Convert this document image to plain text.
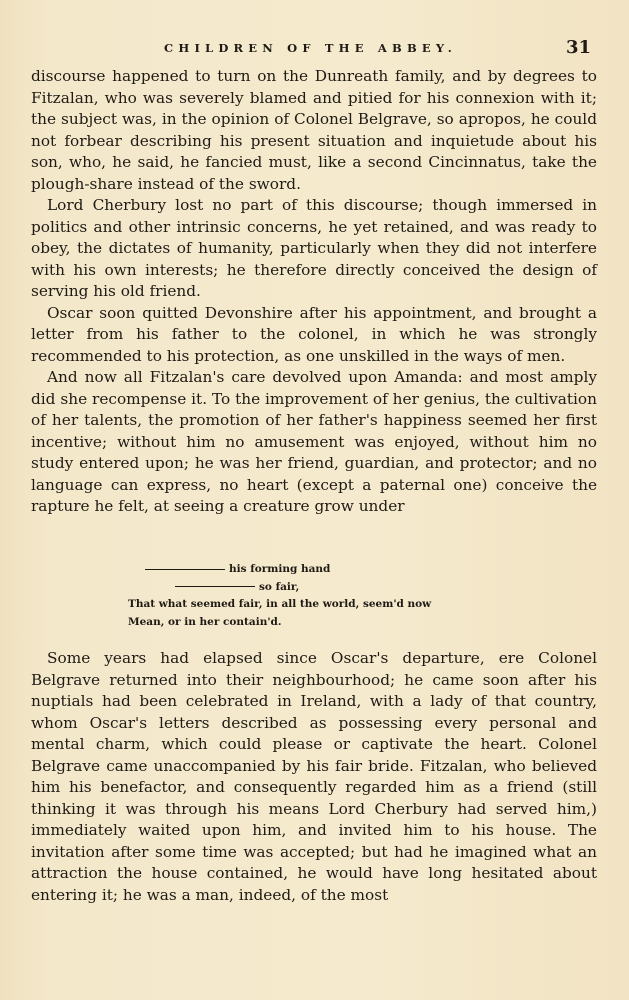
CHILDREN OF THE ABBEY.	31

discourse happened to turn on the Dunreath family, and by degrees to Fitzalan, who was severely blamed and pitied for his connexion with it; the subject was, in the opinion of Colonel Belgrave, so apropos, he could not forbear describing his present situation and inquietude about his son, who, he said, he fancied must, like a second Cincinnatus, take the plough-share instead of the sword.

Lord Cherbury lost no part of this discourse; though immersed in politics and other intrinsic concerns, he yet retained, and was ready to obey, the dictates of humanity, particularly when they did not interfere with his own interests; he therefore directly conceived the design of serving his old friend.

Oscar soon quitted Devonshire after his appointment, and brought a letter from his father to the colonel, in which he was strongly recommended to his protection, as one unskilled in the ways of men.

And now all Fitzalan's care devolved upon Amanda: and most amply did she recompense it. To the improvement of her genius, the cultivation of her talents, the promotion of her father's happiness seemed her first incentive; without him no amusement was enjoyed, without him no study entered upon; he was her friend, guardian, and protector; and no language can express, no heart (except a paternal one) conceive the rapture he felt, at seeing a creature grow under

his forming hand
so fair,
That what seemed fair, in all the world, seem'd now
Mean, or in her contain'd.

Some years had elapsed since Oscar's departure, ere Colonel Belgrave returned into their neighbourhood; he came soon after his nuptials had been celebrated in Ireland, with a lady of that country, whom Oscar's letters described as possessing every personal and mental charm, which could please or captivate the heart. Colonel Belgrave came unaccompanied by his fair bride. Fitzalan, who believed him his benefactor, and consequently regarded him as a friend (still thinking it was through his means Lord Cherbury had served him,) immediately waited upon him, and invited him to his house. The invitation after some time was accepted; but had he imagined what an attraction the house contained, he would have long hesitated about entering it; he was a man, indeed, of the most
